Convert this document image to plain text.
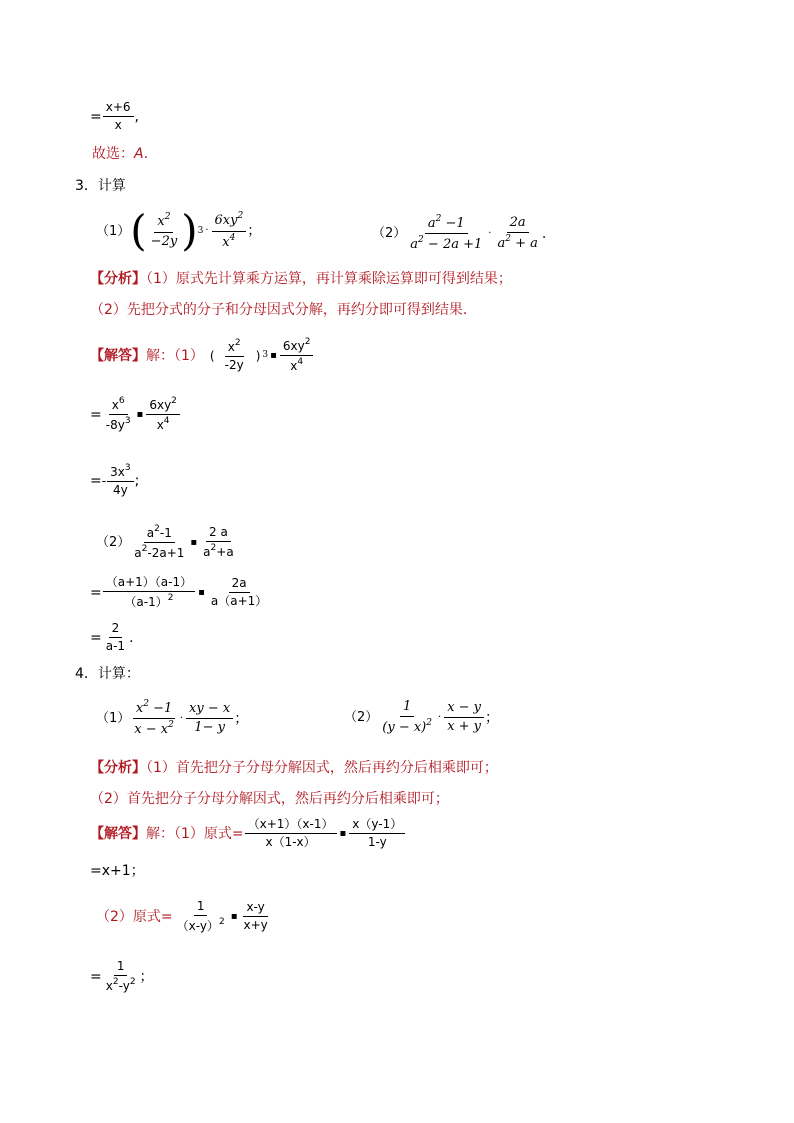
= $\frac{x+6}{x}$ ,
故选：A.
3．计算
（1） ( $\frac{x^2}{-2y}$ ) $3 \cdot \frac{6xy^2}{x^4}$ ；	$(2) \frac{a^2 -1}{a^2 - 2a +1} \cdot \frac{2a}{a^2 + a}$ .
【分析】（1）原式先计算乘方运算，再计算乘除运算即可得到结果；
（2）先把分式的分子和分母因式分解，再约分即可得到结果．
【解答】解：（1） ( $\frac{x^2}{-2y}$ ) 3 ▪ $\frac{6xy^2}{x^4}$
= $\frac{x^6}{-8y^3}$ ▪ $\frac{6xy^2}{x^4}$
= - $\frac{3x^3}{4y}$ ;
$(2) \frac{a^2-1}{a^2-2a+1}$ ▪ $\frac{2 a}{a^2+a}$
= $\frac{(a+1)(a-1)}{(a-1)^2}$ ▪ $\frac{2a}{a(a+1)}$
= $\frac{2}{a-1}$ .
4．计算：
$(1) \frac{x^2 -1}{x - x^2} \cdot \frac{xy - x}{1- y}$ ；	$(2) \frac{1}{(y - x)^2} \cdot \frac{x - y}{x + y}$ ；
【分析】（1）首先把分子分母分解因式，然后再约分后相乘即可；
（2）首先把分子分母分解因式，然后再约分后相乘即可；
【解答】解：（1）原式= $\frac{(x+1)(x-1)}{x(1-x)}$ ▪ $\frac{x(y-1)}{1-y}$
=x+1；
（2）原式= $\frac{1}{(x-y)^2}$ ▪ $\frac{x-y}{x+y}$
= $\frac{1}{x^2-y^2}$ ；
